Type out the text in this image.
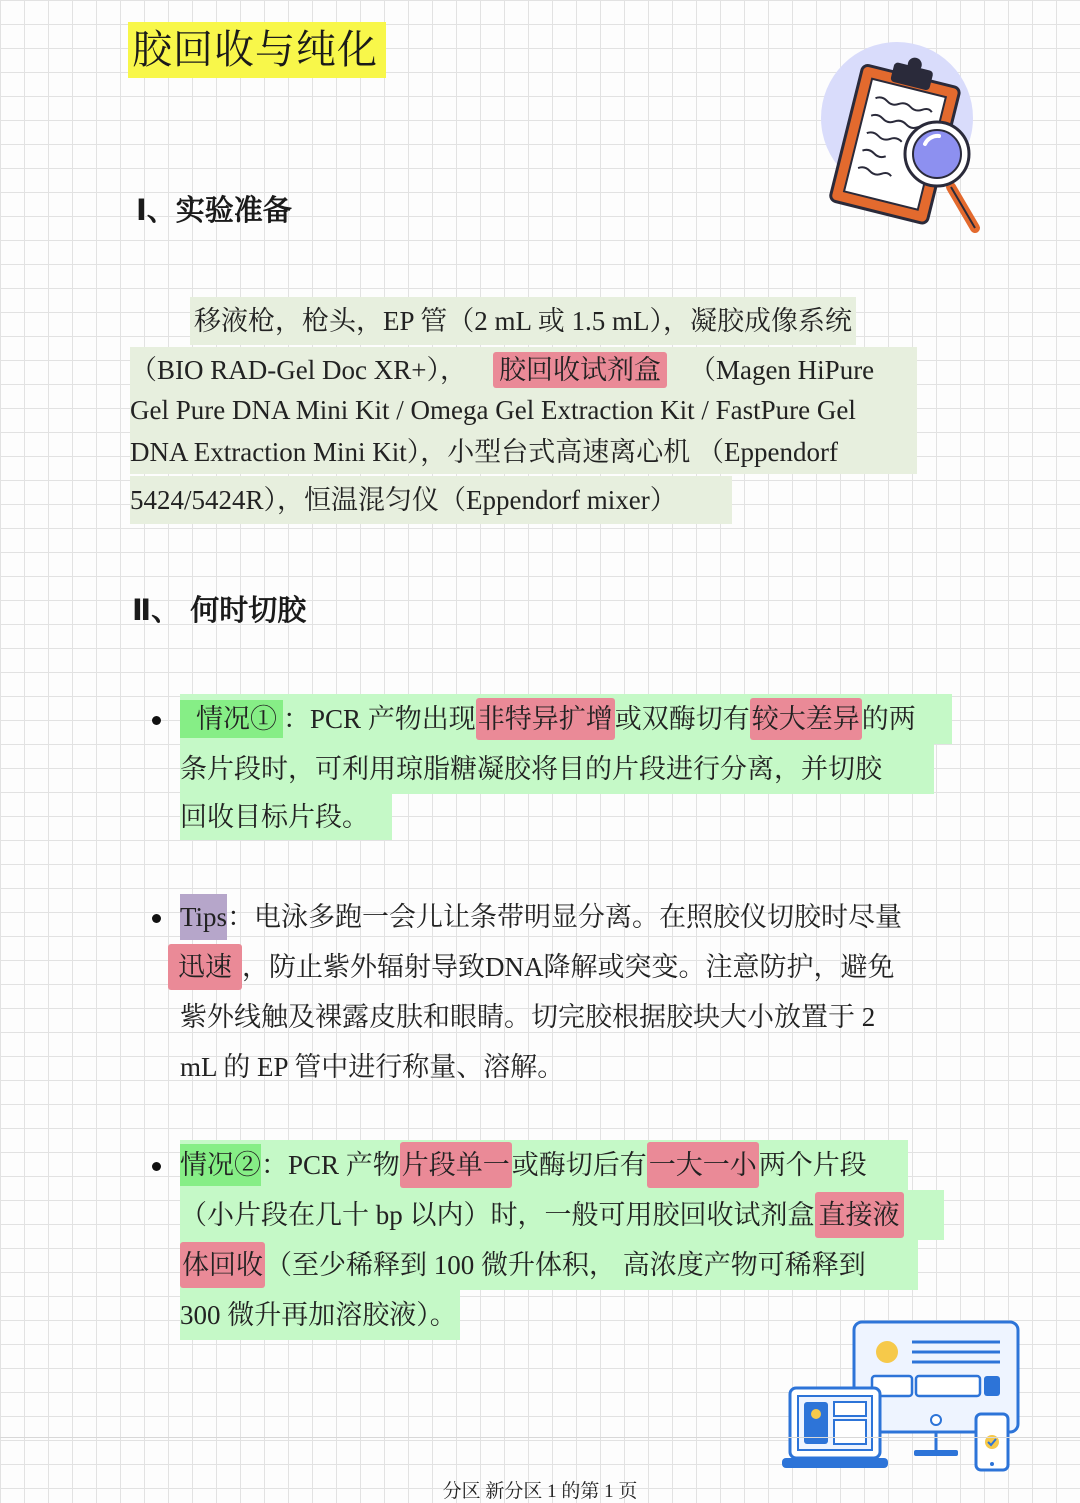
胶回收与纯化
Ⅰ、实验准备
移液枪，枪头，EP 管（2 mL 或 1.5 mL），凝胶成像系统
（BIO RAD-Gel Doc XR+）， 胶回收试剂盒 （Magen HiPure
Gel Pure DNA Mini Kit / Omega Gel Extraction Kit / FastPure Gel
DNA Extraction Mini Kit），小型台式高速离心机 （Eppendorf
5424/5424R），恒温混匀仪（Eppendorf mixer）
Ⅱ、 何时切胶
情况① ：PCR 产物出现非特异扩增或双酶切有较大差异的两
条片段时，可利用琼脂糖凝胶将目的片段进行分离，并切胶
回收目标片段。
Tips：电泳多跑一会儿让条带明显分离。在照胶仪切胶时尽量
迅速 ，防止紫外辐射导致DNA降解或突变。注意防护，避免
紫外线触及裸露皮肤和眼睛。切完胶根据胶块大小放置于 2
mL 的 EP 管中进行称量、溶解。
情况②：PCR 产物片段单一或酶切后有一大一小两个片段
（小片段在几十 bp 以内）时，一般可用胶回收试剂盒 直接液
体回收（至少稀释到 100 微升体积， 高浓度产物可稀释到
300 微升再加溶胶液）。
分区 新分区 1 的第 1 页
